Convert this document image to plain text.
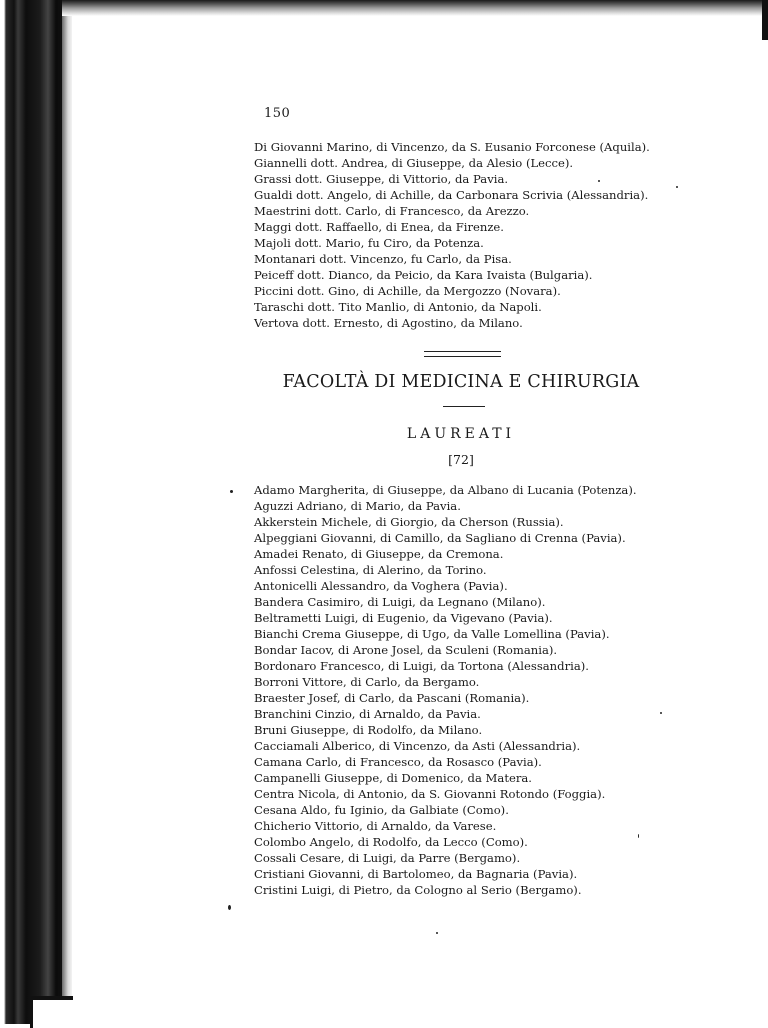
150
Di Giovanni Marino, di Vincenzo, da S. Eusanio Forconese (Aquila).
Giannelli dott. Andrea, di Giuseppe, da Alesio (Lecce).
Grassi dott. Giuseppe, di Vittorio, da Pavia.
Gualdi dott. Angelo, di Achille, da Carbonara Scrivia (Alessandria).
Maestrini dott. Carlo, di Francesco, da Arezzo.
Maggi dott. Raffaello, di Enea, da Firenze.
Majoli dott. Mario, fu Ciro, da Potenza.
Montanari dott. Vincenzo, fu Carlo, da Pisa.
Peiceff dott. Dianco, da Peicio, da Kara Ivaista (Bulgaria).
Piccini dott. Gino, di Achille, da Mergozzo (Novara).
Taraschi dott. Tito Manlio, di Antonio, da Napoli.
Vertova dott. Ernesto, di Agostino, da Milano.
FACOLTÀ DI MEDICINA E CHIRURGIA
LAUREATI
[72]
Adamo Margherita, di Giuseppe, da Albano di Lucania (Potenza).
Aguzzi Adriano, di Mario, da Pavia.
Akkerstein Michele, di Giorgio, da Cherson (Russia).
Alpeggiani Giovanni, di Camillo, da Sagliano di Crenna (Pavia).
Amadei Renato, di Giuseppe, da Cremona.
Anfossi Celestina, di Alerino, da Torino.
Antonicelli Alessandro, da Voghera (Pavia).
Bandera Casimiro, di Luigi, da Legnano (Milano).
Beltrametti Luigi, di Eugenio, da Vigevano (Pavia).
Bianchi Crema Giuseppe, di Ugo, da Valle Lomellina (Pavia).
Bondar Iacov, di Arone Josel, da Sculeni (Romania).
Bordonaro Francesco, di Luigi, da Tortona (Alessandria).
Borroni Vittore, di Carlo, da Bergamo.
Braester Josef, di Carlo, da Pascani (Romania).
Branchini Cinzio, di Arnaldo, da Pavia.
Bruni Giuseppe, di Rodolfo, da Milano.
Cacciamali Alberico, di Vincenzo, da Asti (Alessandria).
Camana Carlo, di Francesco, da Rosasco (Pavia).
Campanelli Giuseppe, di Domenico, da Matera.
Centra Nicola, di Antonio, da S. Giovanni Rotondo (Foggia).
Cesana Aldo, fu Iginio, da Galbiate (Como).
Chicherio Vittorio, di Arnaldo, da Varese.
Colombo Angelo, di Rodolfo, da Lecco (Como).
Cossali Cesare, di Luigi, da Parre (Bergamo).
Cristiani Giovanni, di Bartolomeo, da Bagnaria (Pavia).
Cristini Luigi, di Pietro, da Cologno al Serio (Bergamo).
